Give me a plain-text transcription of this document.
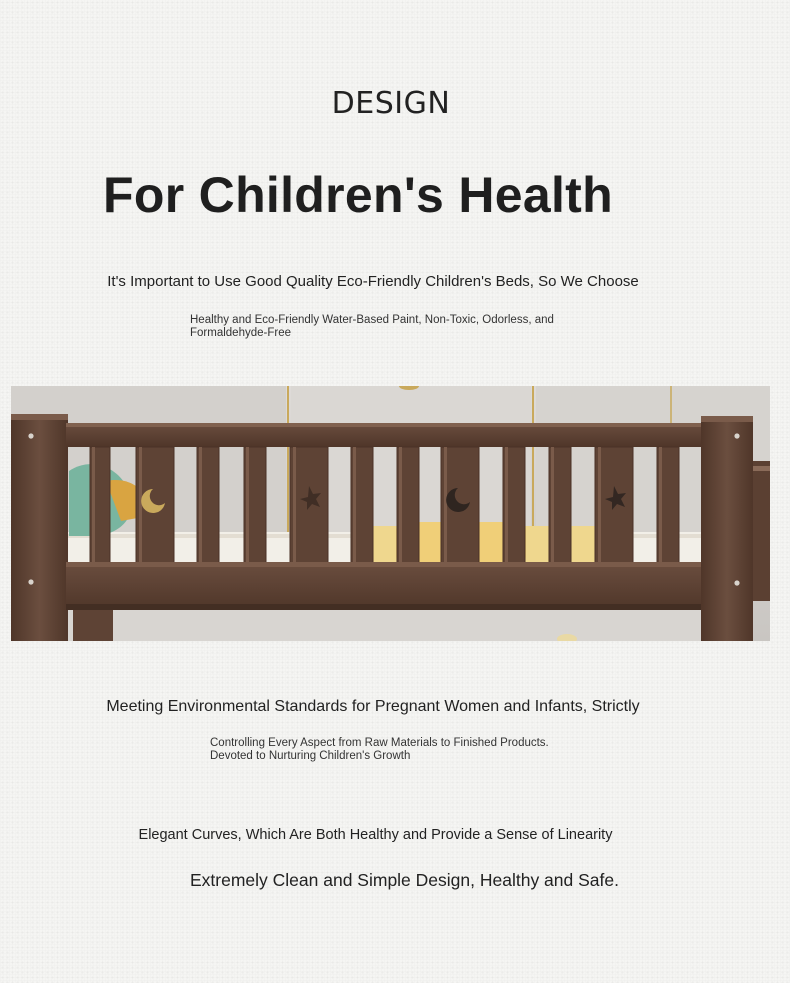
DESIGN
For Children's Health
It's Important to Use Good Quality Eco-Friendly Children's Beds, So We Choose
Healthy and Eco-Friendly Water-Based Paint, Non-Toxic, Odorless, and
Formaldehyde-Free
Meeting Environmental Standards for Pregnant Women and Infants, Strictly
Controlling Every Aspect from Raw Materials to Finished Products.
Devoted to Nurturing Children's Growth
Elegant Curves, Which Are Both Healthy and Provide a Sense of Linearity
Extremely Clean and Simple Design, Healthy and Safe.
